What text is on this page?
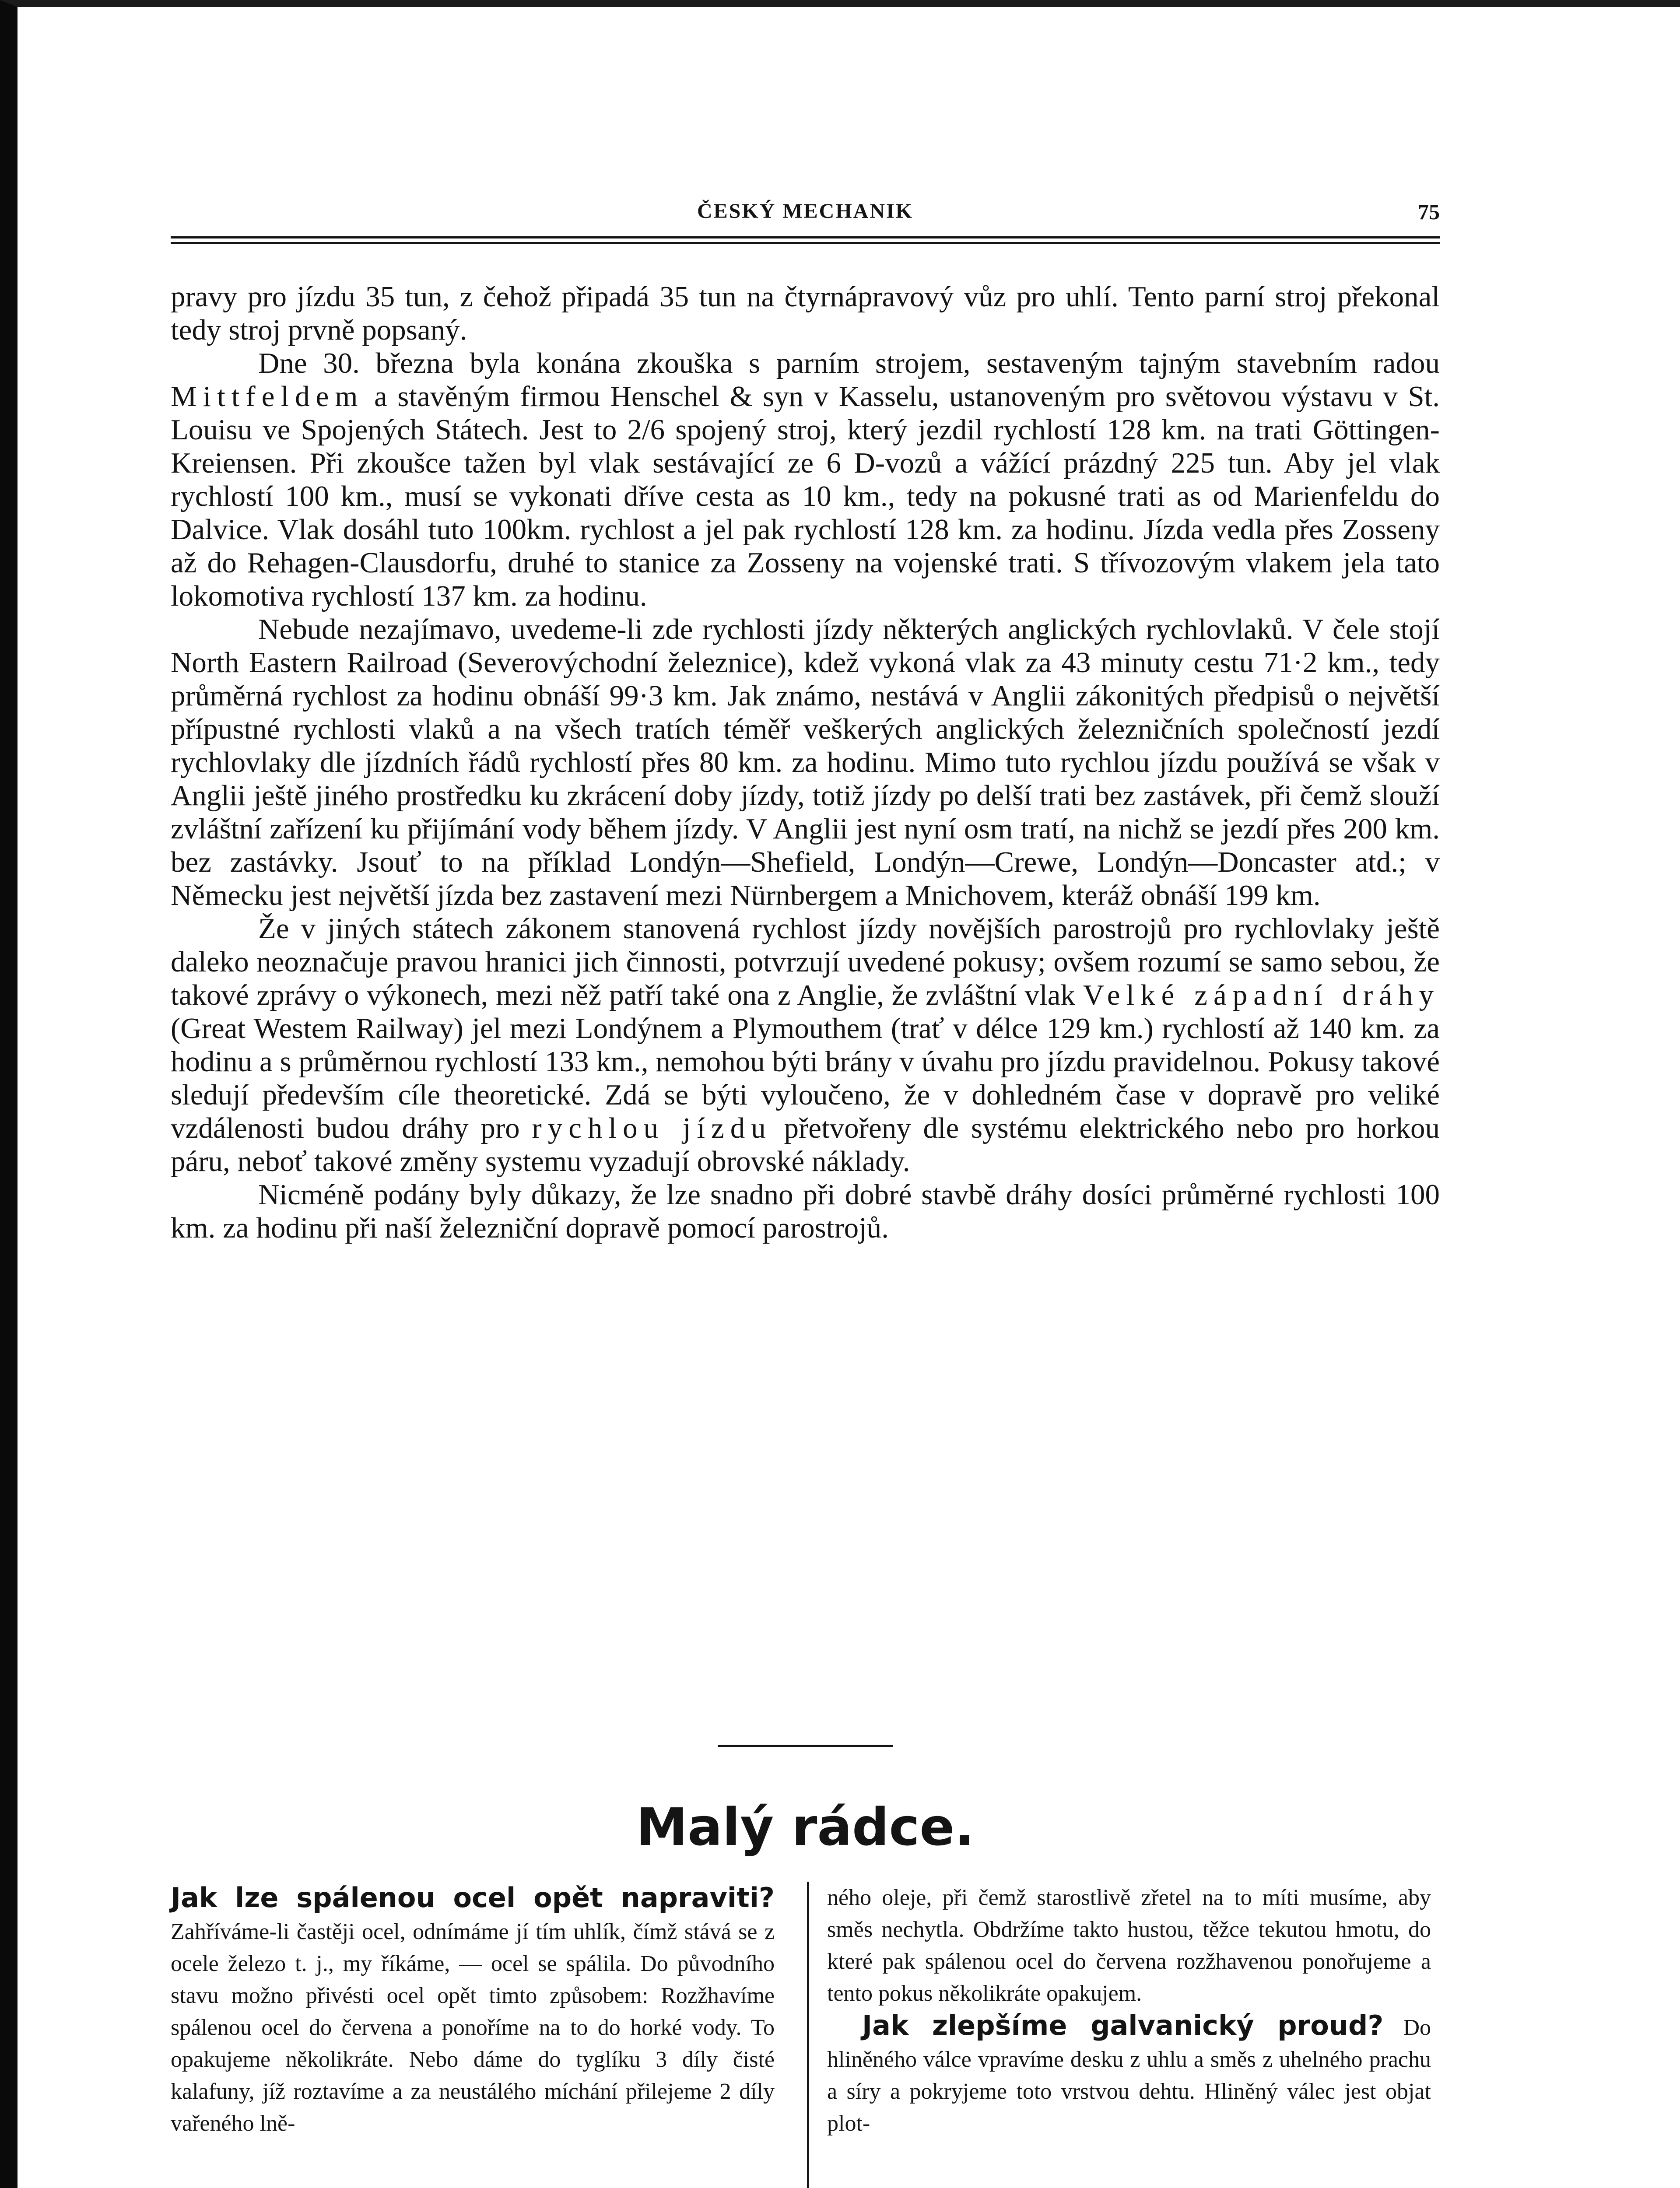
ČESKÝ MECHANIK	75

pravy pro jízdu 35 tun, z čehož připadá 35 tun na čtyrnápravový vůz pro uhlí. Tento parní stroj překonal tedy stroj prvně popsaný.

Dne 30. března byla konána zkouška s parním strojem, sestaveným tajným stavebním radou Mittfeldem a stavěným firmou Henschel & syn v Kasselu, ustanoveným pro světovou výstavu v St. Louisu ve Spojených Státech. Jest to 2/6 spojený stroj, který jezdil rychlostí 128 km. na trati Göttingen-Kreiensen. Při zkoušce tažen byl vlak sestávající ze 6 D-vozů a vážící prázdný 225 tun. Aby jel vlak rychlostí 100 km., musí se vykonati dříve cesta as 10 km., tedy na pokusné trati as od Marienfeldu do Dalvice. Vlak dosáhl tuto 100km. rychlost a jel pak rychlostí 128 km. za hodinu. Jízda vedla přes Zosseny až do Rehagen-Clausdorfu, druhé to stanice za Zosseny na vojenské trati. S třívozovým vlakem jela tato lokomotiva rychlostí 137 km. za hodinu.

Nebude nezajímavo, uvedeme-li zde rychlosti jízdy některých anglických rychlovlaků. V čele stojí North Eastern Railroad (Severovýchodní železnice), kdež vykoná vlak za 43 minuty cestu 71·2 km., tedy průměrná rychlost za hodinu obnáší 99·3 km. Jak známo, nestává v Anglii zákonitých předpisů o největší přípustné rychlosti vlaků a na všech tratích téměř veškerých anglických železničních společností jezdí rychlovlaky dle jízdních řádů rychlostí přes 80 km. za hodinu. Mimo tuto rychlou jízdu používá se však v Anglii ještě jiného prostředku ku zkrácení doby jízdy, totiž jízdy po delší trati bez zastávek, při čemž slouží zvláštní zařízení ku přijímání vody během jízdy. V Anglii jest nyní osm tratí, na nichž se jezdí přes 200 km. bez zastávky. Jsouť to na příklad Londýn—Shefield, Londýn—Crewe, Londýn—Doncaster atd.; v Německu jest největší jízda bez zastavení mezi Nürnbergem a Mnichovem, kteráž obnáší 199 km.

Že v jiných státech zákonem stanovená rychlost jízdy novějších parostrojů pro rychlovlaky ještě daleko neoznačuje pravou hranici jich činnosti, potvrzují uvedené pokusy; ovšem rozumí se samo sebou, že takové zprávy o výkonech, mezi něž patří také ona z Anglie, že zvláštní vlak Velké západní dráhy (Great Westem Railway) jel mezi Londýnem a Plymouthem (trať v délce 129 km.) rychlostí až 140 km. za hodinu a s průměrnou rychlostí 133 km., nemohou býti brány v úvahu pro jízdu pravidelnou. Pokusy takové sledují především cíle theoretické. Zdá se býti vyloučeno, že v dohledném čase v dopravě pro veliké vzdálenosti budou dráhy pro rychlou jízdu přetvořeny dle systému elektrického nebo pro horkou páru, neboť takové změny systemu vyzadují obrovské náklady.

Nicméně podány byly důkazy, že lze snadno při dobré stavbě dráhy dosíci průměrné rychlosti 100 km. za hodinu při naší železniční dopravě pomocí parostrojů.

Malý rádce.

Jak lze spálenou ocel opět napraviti? Zahříváme-li častěji ocel, odnímáme jí tím uhlík, čímž stává se z ocele železo t. j., my říkáme, — ocel se spálila. Do původního stavu možno přivésti ocel opět timto způsobem: Rozžhavíme spálenou ocel do červena a ponoříme na to do horké vody. To opakujeme několikráte. Nebo dáme do tyglíku 3 díly čisté kalafuny, jíž roztavíme a za neustálého míchání přilejeme 2 díly vařeného lně-

ného oleje, při čemž starostlivě zřetel na to míti musíme, aby směs nechytla. Obdržíme takto hustou, těžce tekutou hmotu, do které pak spálenou ocel do červena rozžhavenou ponořujeme a tento pokus několikráte opakujem.

Jak zlepšíme galvanický proud? Do hliněného válce vpravíme desku z uhlu a směs z uhelného prachu a síry a pokryjeme toto vrstvou dehtu. Hliněný válec jest objat plot-
